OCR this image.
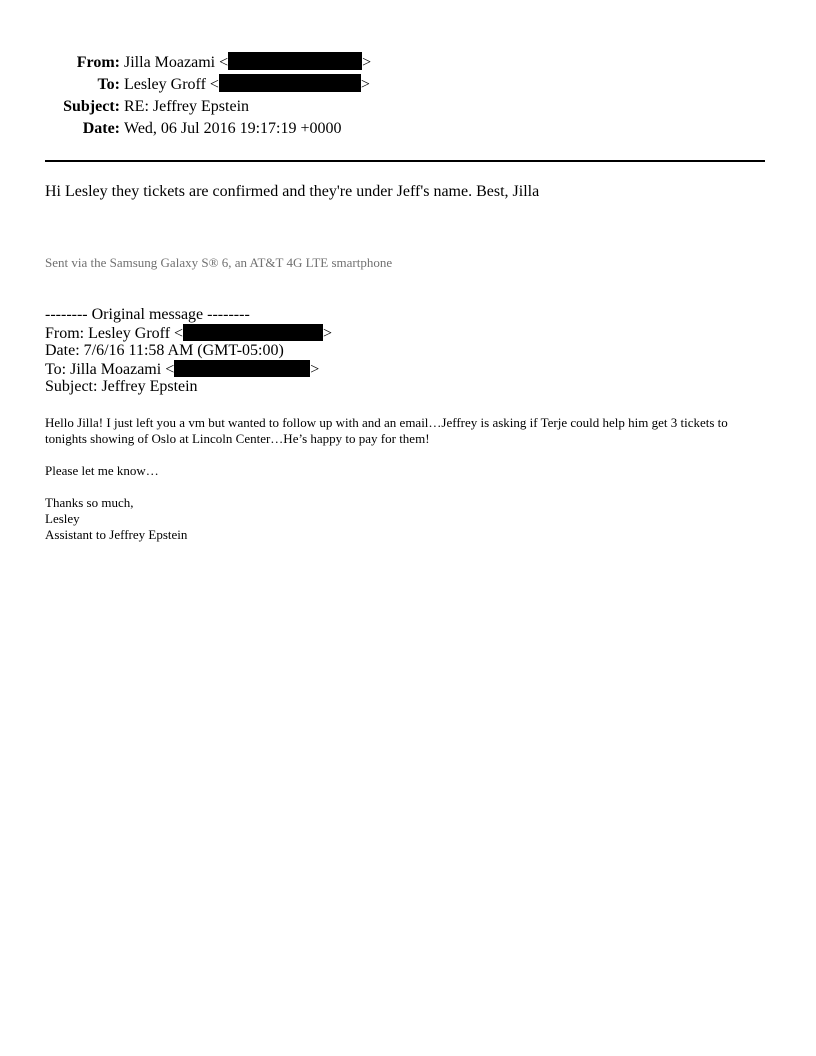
From: Jilla Moazami <	>
To: Lesley Groff <	>
Subject: RE: Jeffrey Epstein
Date: Wed, 06 Jul 2016 19:17:19 +0000
Hi Lesley they tickets are confirmed and they're under Jeff's name. Best, Jilla
Sent via the Samsung Galaxy S® 6, an AT&T 4G LTE smartphone
-------- Original message --------
From: Lesley Groff <	>
Date: 7/6/16 11:58 AM (GMT-05:00)
To: Jilla Moazami <	>
Subject: Jeffrey Epstein

Hello Jilla! I just left you a vm but wanted to follow up with and an email…Jeffrey is asking if Terje could help him get 3 tickets to
tonights showing of Oslo at Lincoln Center…He’s happy to pay for them!

Please let me know…

Thanks so much,
Lesley
Assistant to Jeffrey Epstein
